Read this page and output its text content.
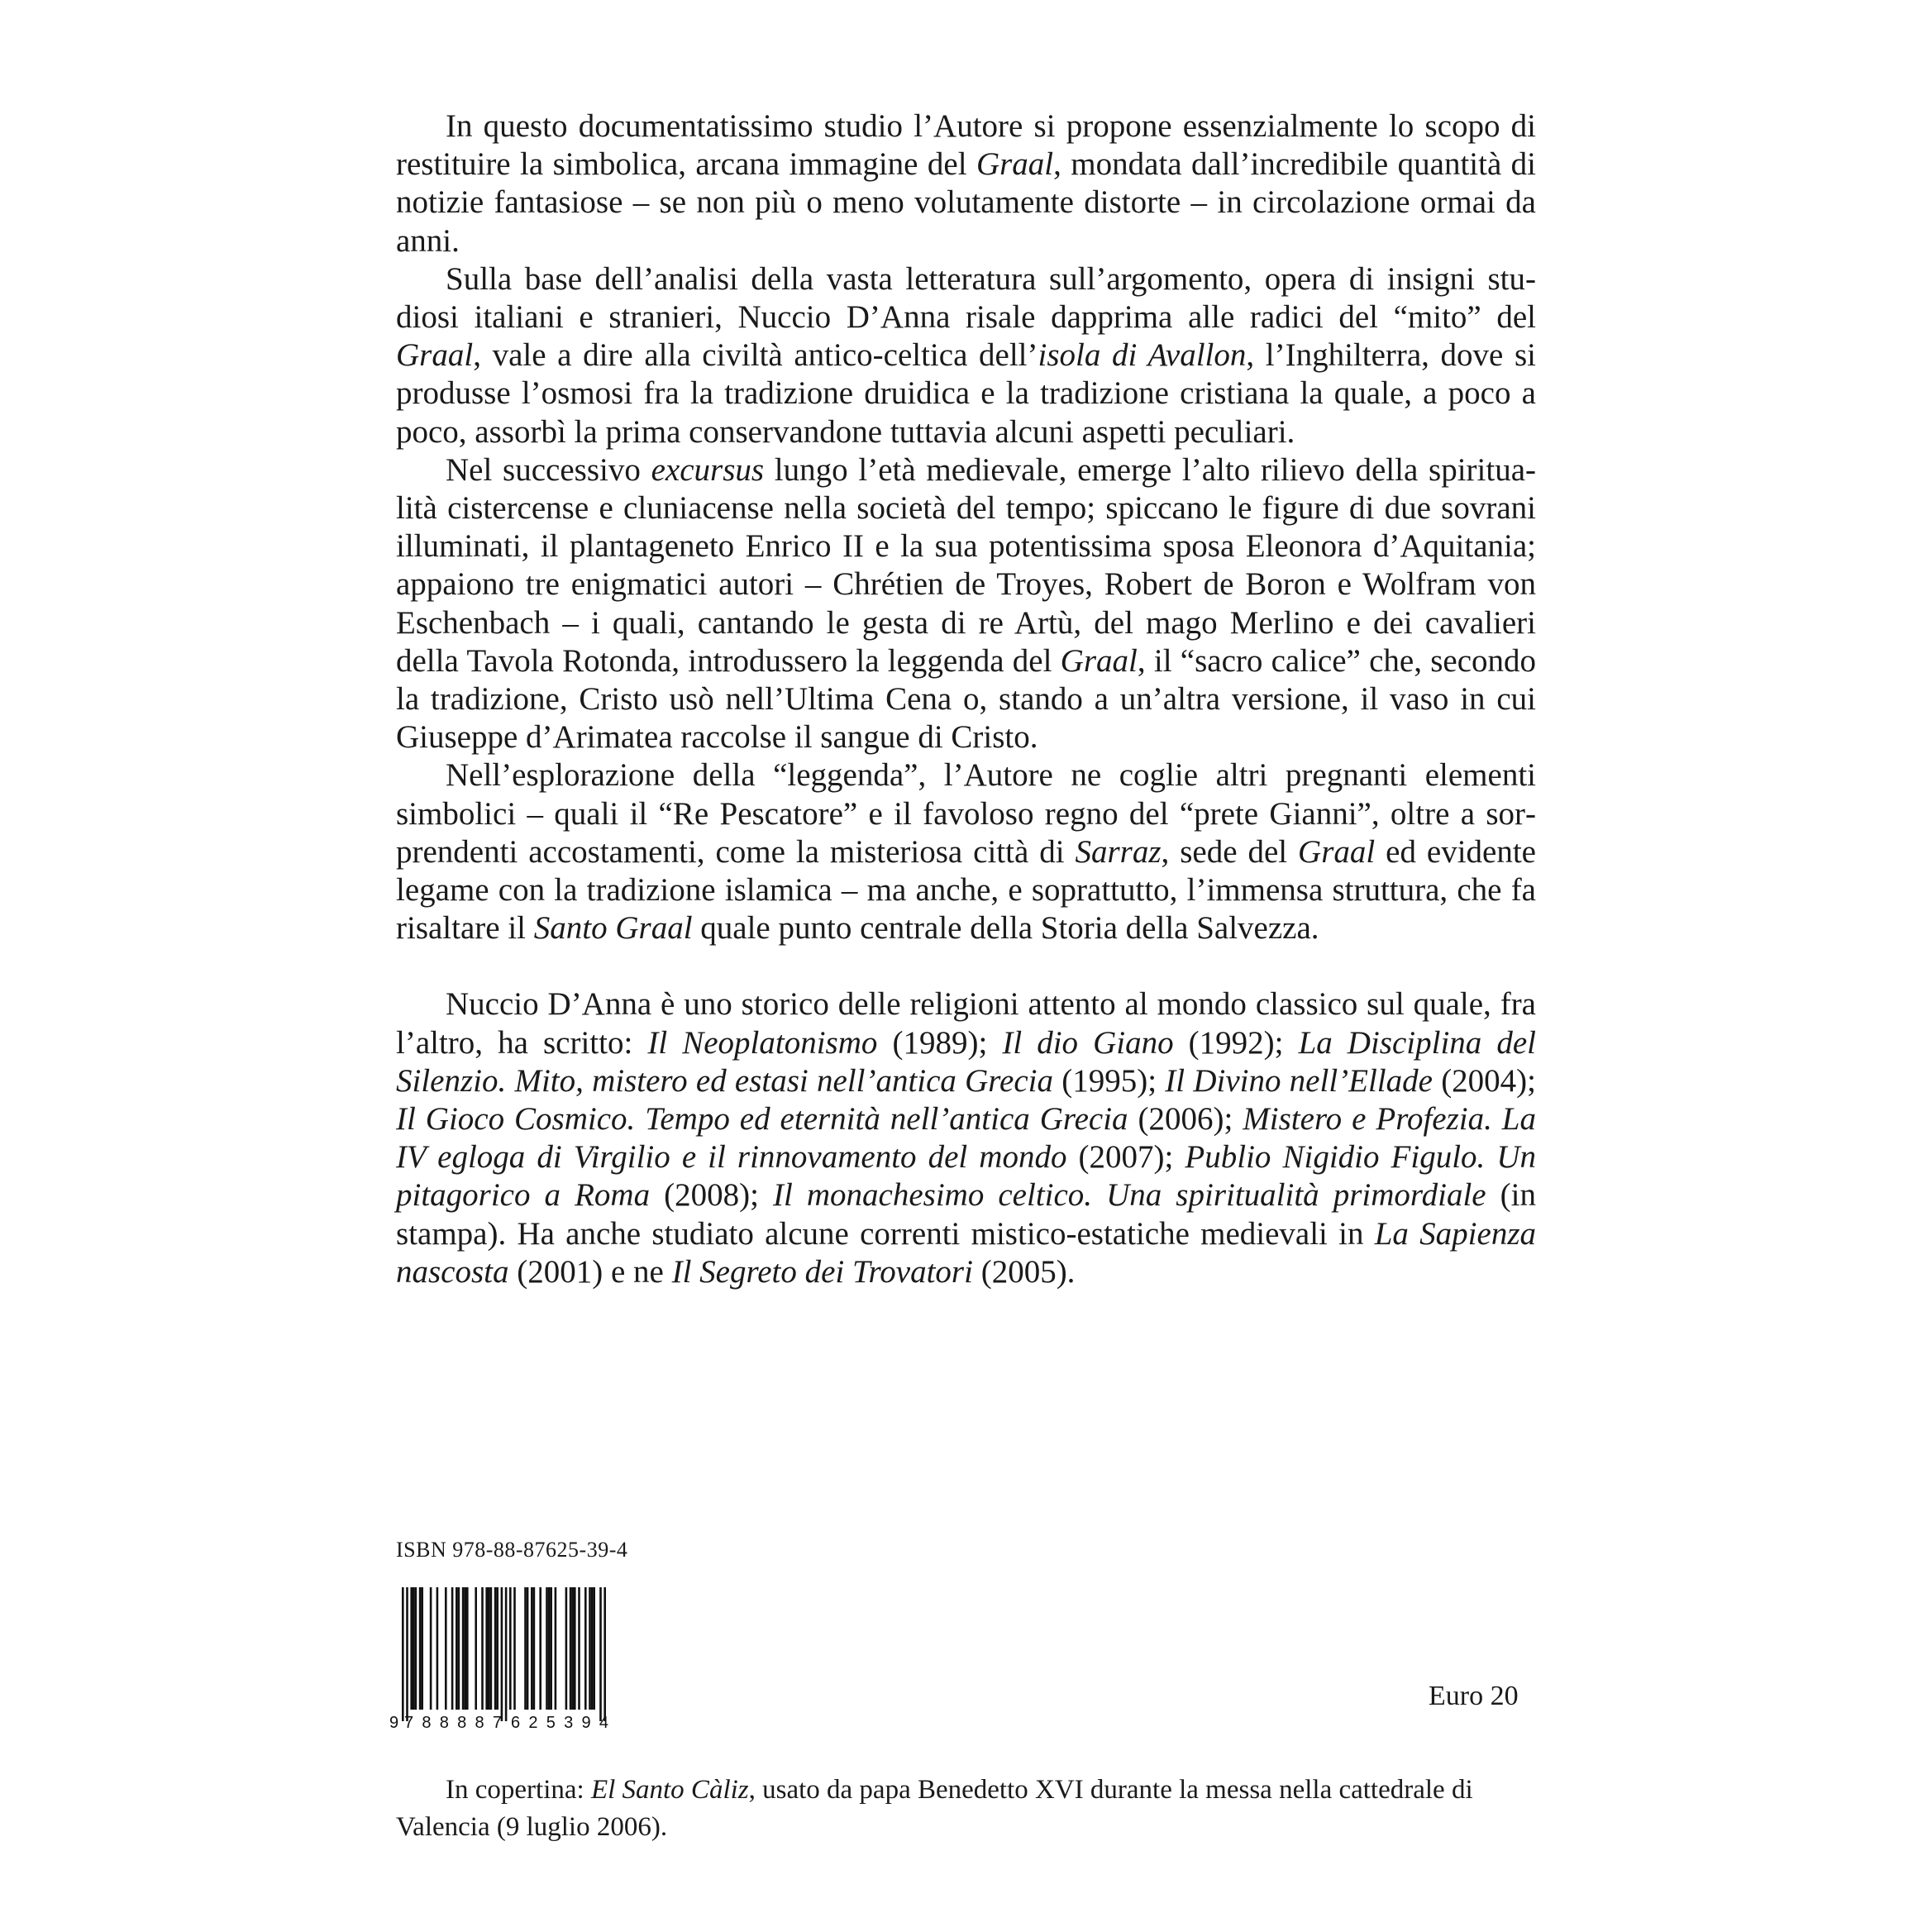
In questo documentatissimo studio l’Autore si propone essenzialmente lo scopo di restituire la simbolica, arcana immagine del Graal, mondata dall’incredibile quantità di notizie fantasiose – se non più o meno volutamente distorte – in circolazione ormai da anni.

Sulla base dell’analisi della vasta letteratura sull’argomento, opera di insigni studiosi italiani e stranieri, Nuccio D’Anna risale dapprima alle radici del “mito” del Graal, vale a dire alla civiltà antico-celtica dell’isola di Avallon, l’Inghilterra, dove si produsse l’osmosi fra la tradizione druidica e la tradizione cristiana la quale, a poco a poco, assorbì la prima conservandone tuttavia alcuni aspetti peculiari.

Nel successivo excursus lungo l’età medievale, emerge l’alto rilievo della spiritualità cistercense e cluniacense nella società del tempo; spiccano le figure di due sovrani illuminati, il plantageneto Enrico II e la sua potentissima sposa Eleonora d’Aquitania; appaiono tre enigmatici autori – Chrétien de Troyes, Robert de Boron e Wolfram von Eschenbach – i quali, cantando le gesta di re Artù, del mago Merlino e dei cavalieri della Tavola Rotonda, introdussero la leggenda del Graal, il “sacro calice” che, secondo la tradizione, Cristo usò nell’Ultima Cena o, stando a un’altra versione, il vaso in cui Giuseppe d’Arimatea raccolse il sangue di Cristo.

Nell’esplorazione della “leggenda”, l’Autore ne coglie altri pregnanti elementi simbolici – quali il “Re Pescatore” e il favoloso regno del “prete Gianni”, oltre a sorprendenti accostamenti, come la misteriosa città di Sarraz, sede del Graal ed evidente legame con la tradizione islamica – ma anche, e soprattutto, l’immensa struttura, che fa risaltare il Santo Graal quale punto centrale della Storia della Salvezza.

Nuccio D’Anna è uno storico delle religioni attento al mondo classico sul quale, fra l’altro, ha scritto: Il Neoplatonismo (1989); Il dio Giano (1992); La Disciplina del Silenzio. Mito, mistero ed estasi nell’antica Grecia (1995); Il Divino nell’Ellade (2004); Il Gioco Cosmico. Tempo ed eternità nell’antica Grecia (2006); Mistero e Profezia. La IV egloga di Virgilio e il rinnovamento del mondo (2007); Publio Nigidio Figulo. Un pitagorico a Roma (2008); Il monachesimo celtico. Una spiritualità primordiale (in stampa). Ha anche studiato alcune correnti mistico-estatiche medievali in La Sapienza nascosta (2001) e ne Il Segreto dei Trovatori (2005).

ISBN 978-88-87625-39-4
9 788887 625394
Euro 20

In copertina: El Santo Càliz, usato da papa Benedetto XVI durante la messa nella cattedrale di Valencia (9 luglio 2006).
